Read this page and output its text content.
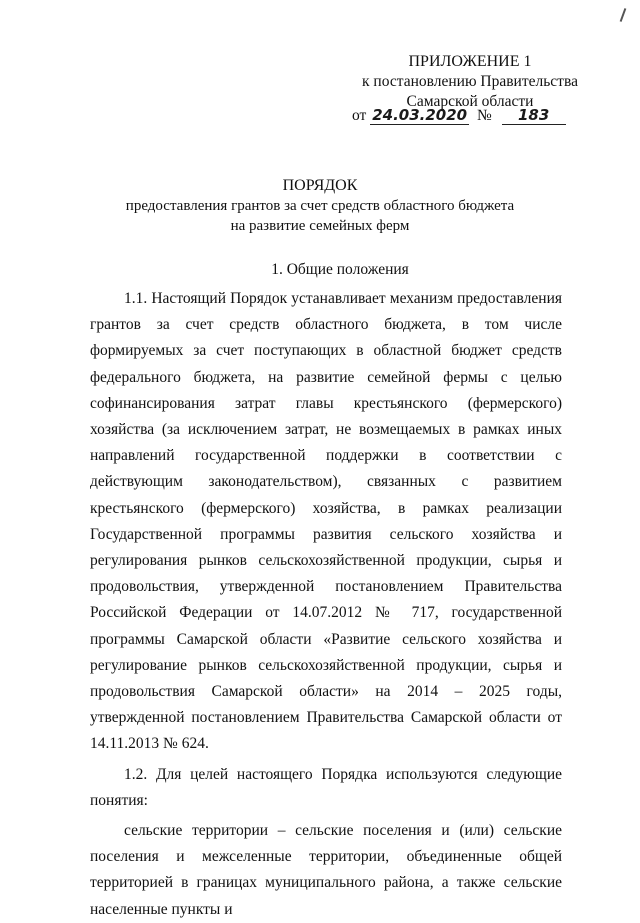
ПРИЛОЖЕНИЕ 1
к постановлению Правительства
Самарской области
от 24.03.2020 № 183
ПОРЯДОК
предоставления грантов за счет средств областного бюджета
на развитие семейных ферм
1. Общие положения

1.1. Настоящий Порядок устанавливает механизм предоставления грантов за счет средств областного бюджета, в том числе формируемых за счет поступающих в областной бюджет средств федерального бюджета, на развитие семейной фермы с целью софинансирования затрат главы крестьянского (фермерского) хозяйства (за исключением затрат, не возмещаемых в рамках иных направлений государственной поддержки в соответствии с действующим законодательством), связанных с развитием крестьянского (фермерского) хозяйства, в рамках реализации Государственной программы развития сельского хозяйства и регулирования рынков сельскохозяйственной продукции, сырья и продовольствия, утвержденной постановлением Правительства Российской Федерации от 14.07.2012 № 717, государственной программы Самарской области «Развитие сельского хозяйства и регулирование рынков сельскохозяйственной продукции, сырья и продовольствия Самарской области» на 2014 – 2025 годы, утвержденной постановлением Правительства Самарской области от 14.11.2013 № 624.

1.2. Для целей настоящего Порядка используются следующие понятия:

сельские территории – сельские поселения и (или) сельские поселения и межселенные территории, объединенные общей территорией в границах муниципального района, а также сельские населенные пункты и
